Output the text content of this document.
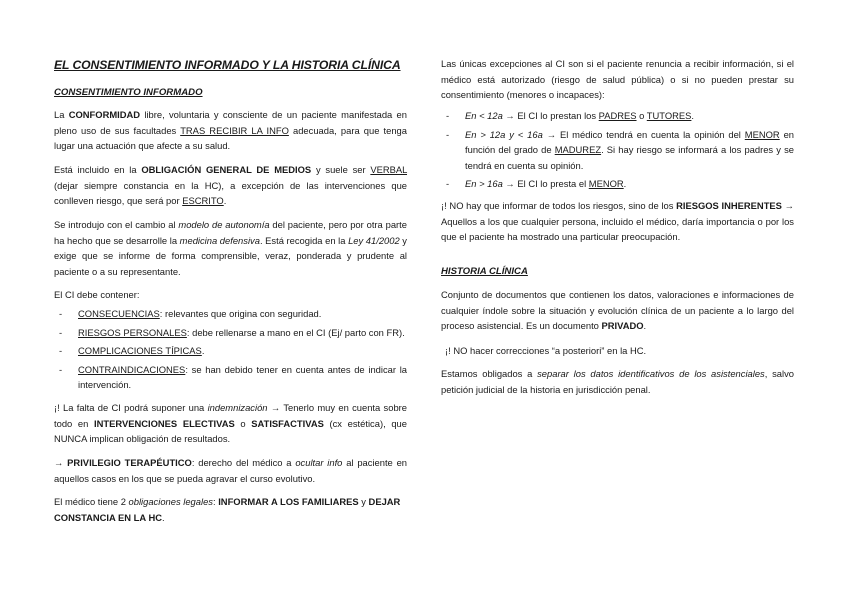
EL CONSENTIMIENTO INFORMADO Y LA HISTORIA CLÍNICA
CONSENTIMIENTO INFORMADO

La CONFORMIDAD libre, voluntaria y consciente de un paciente manifestada en pleno uso de sus facultades TRAS RECIBIR LA INFO adecuada, para que tenga lugar una actuación que afecte a su salud.

Está incluido en la OBLIGACIÓN GENERAL DE MEDIOS y suele ser VERBAL (dejar siempre constancia en la HC), a excepción de las intervenciones que conlleven riesgo, que será por ESCRITO.

Se introdujo con el cambio al modelo de autonomía del paciente, pero por otra parte ha hecho que se desarrolle la medicina defensiva. Está recogida en la Ley 41/2002 y exige que se informe de forma comprensible, veraz, ponderada y prudente al paciente o a su representante.

El CI debe contener:

- CONSECUENCIAS: relevantes que origina con seguridad.
- RIESGOS PERSONALES: debe rellenarse a mano en el CI (Ej/ parto con FR).
- COMPLICACIONES TÍPICAS.
- CONTRAINDICACIONES: se han debido tener en cuenta antes de indicar la intervención.

¡! La falta de CI podrá suponer una indemnización → Tenerlo muy en cuenta sobre todo en INTERVENCIONES ELECTIVAS o SATISFACTIVAS (cx estética), que NUNCA implican obligación de resultados.

→ PRIVILEGIO TERAPÉUTICO: derecho del médico a ocultar info al paciente en aquellos casos en los que se pueda agravar el curso evolutivo.

El médico tiene 2 obligaciones legales: INFORMAR A LOS FAMILIARES y DEJAR CONSTANCIA EN LA HC.

Las únicas excepciones al CI son si el paciente renuncia a recibir información, si el médico está autorizado (riesgo de salud pública) o si no pueden prestar su consentimiento (menores o incapaces):

- En < 12a → El CI lo prestan los PADRES o TUTORES.
- En > 12a y < 16a → El médico tendrá en cuenta la opinión del MENOR en función del grado de MADUREZ. Si hay riesgo se informará a los padres y se tendrá en cuenta su opinión.
- En > 16a → El CI lo presta el MENOR.

¡! NO hay que informar de todos los riesgos, sino de los RIESGOS INHERENTES → Aquellos a los que cualquier persona, incluido el médico, daría importancia o por los que el paciente ha mostrado una particular preocupación.

HISTORIA CLÍNICA

Conjunto de documentos que contienen los datos, valoraciones e informaciones de cualquier índole sobre la situación y evolución clínica de un paciente a lo largo del proceso asistencial. Es un documento PRIVADO.

¡! NO hacer correcciones “a posteriori” en la HC.

Estamos obligados a separar los datos identificativos de los asistenciales, salvo petición judicial de la historia en jurisdicción penal.
